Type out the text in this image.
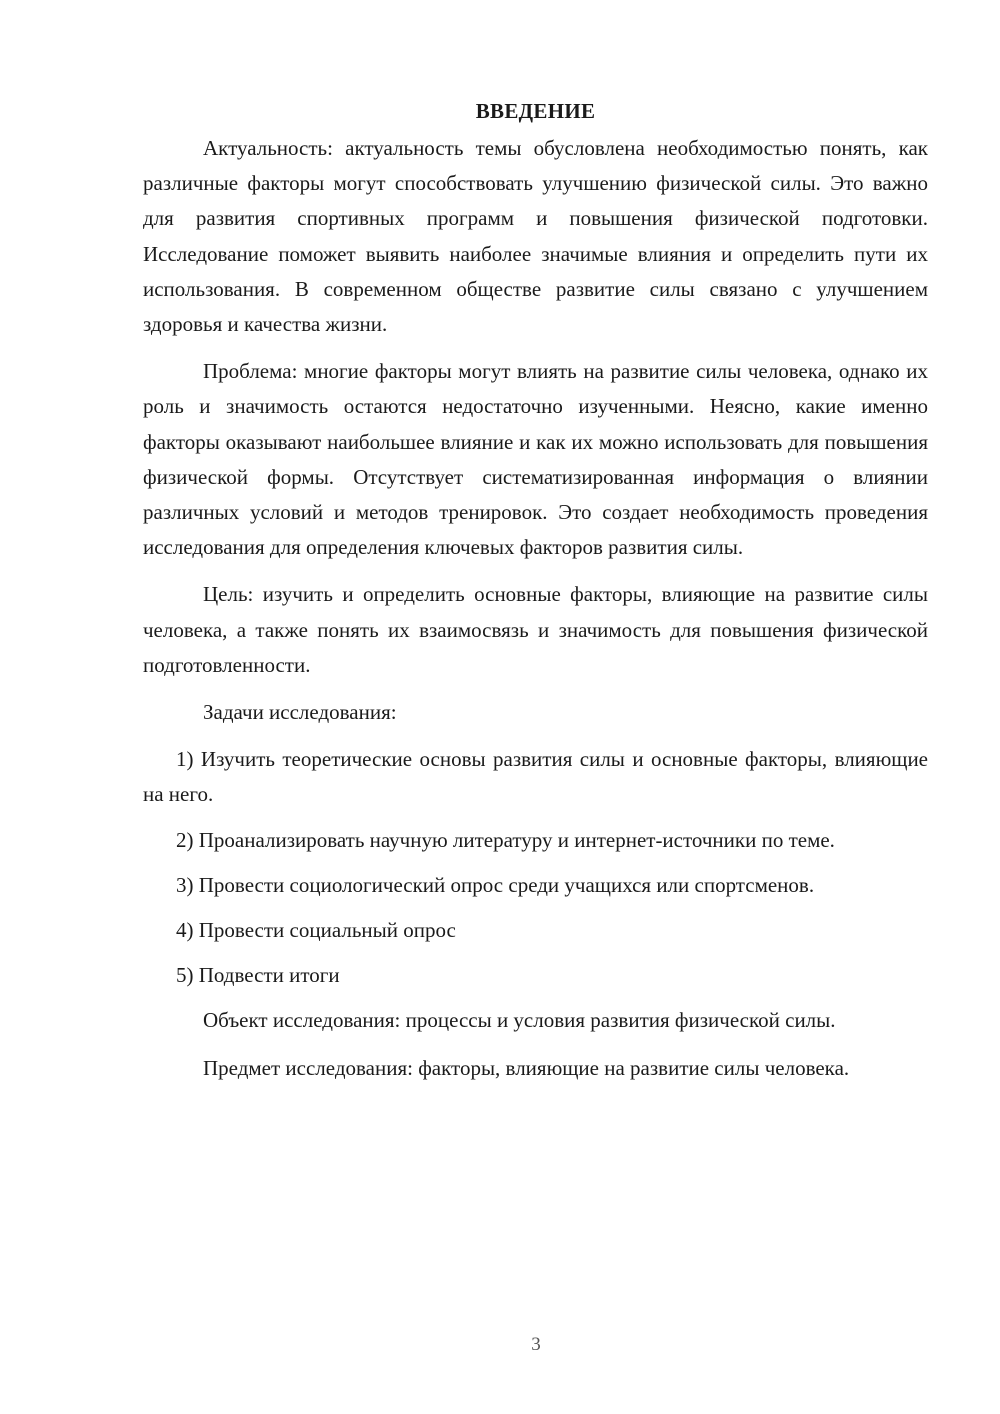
ВВЕДЕНИЕ

Актуальность: актуальность темы обусловлена необходимостью понять, как различные факторы могут способствовать улучшению физической силы. Это важно для развития спортивных программ и повышения физической подготовки. Исследование поможет выявить наиболее значимые влияния и определить пути их использования. В современном обществе развитие силы связано с улучшением здоровья и качества жизни.

Проблема: многие факторы могут влиять на развитие силы человека, однако их роль и значимость остаются недостаточно изученными. Неясно, какие именно факторы оказывают наибольшее влияние и как их можно использовать для повышения физической формы. Отсутствует систематизированная информация о влиянии различных условий и методов тренировок. Это создает необходимость проведения исследования для определения ключевых факторов развития силы.

Цель: изучить и определить основные факторы, влияющие на развитие силы человека, а также понять их взаимосвязь и значимость для повышения физической подготовленности.

Задачи исследования:

1) Изучить теоретические основы развития силы и основные факторы, влияющие на него.

2) Проанализировать научную литературу и интернет-источники по теме.

3) Провести социологический опрос среди учащихся или спортсменов.

4) Провести социальный опрос

5) Подвести итоги

Объект исследования: процессы и условия развития физической силы.

Предмет исследования: факторы, влияющие на развитие силы человека.

3
